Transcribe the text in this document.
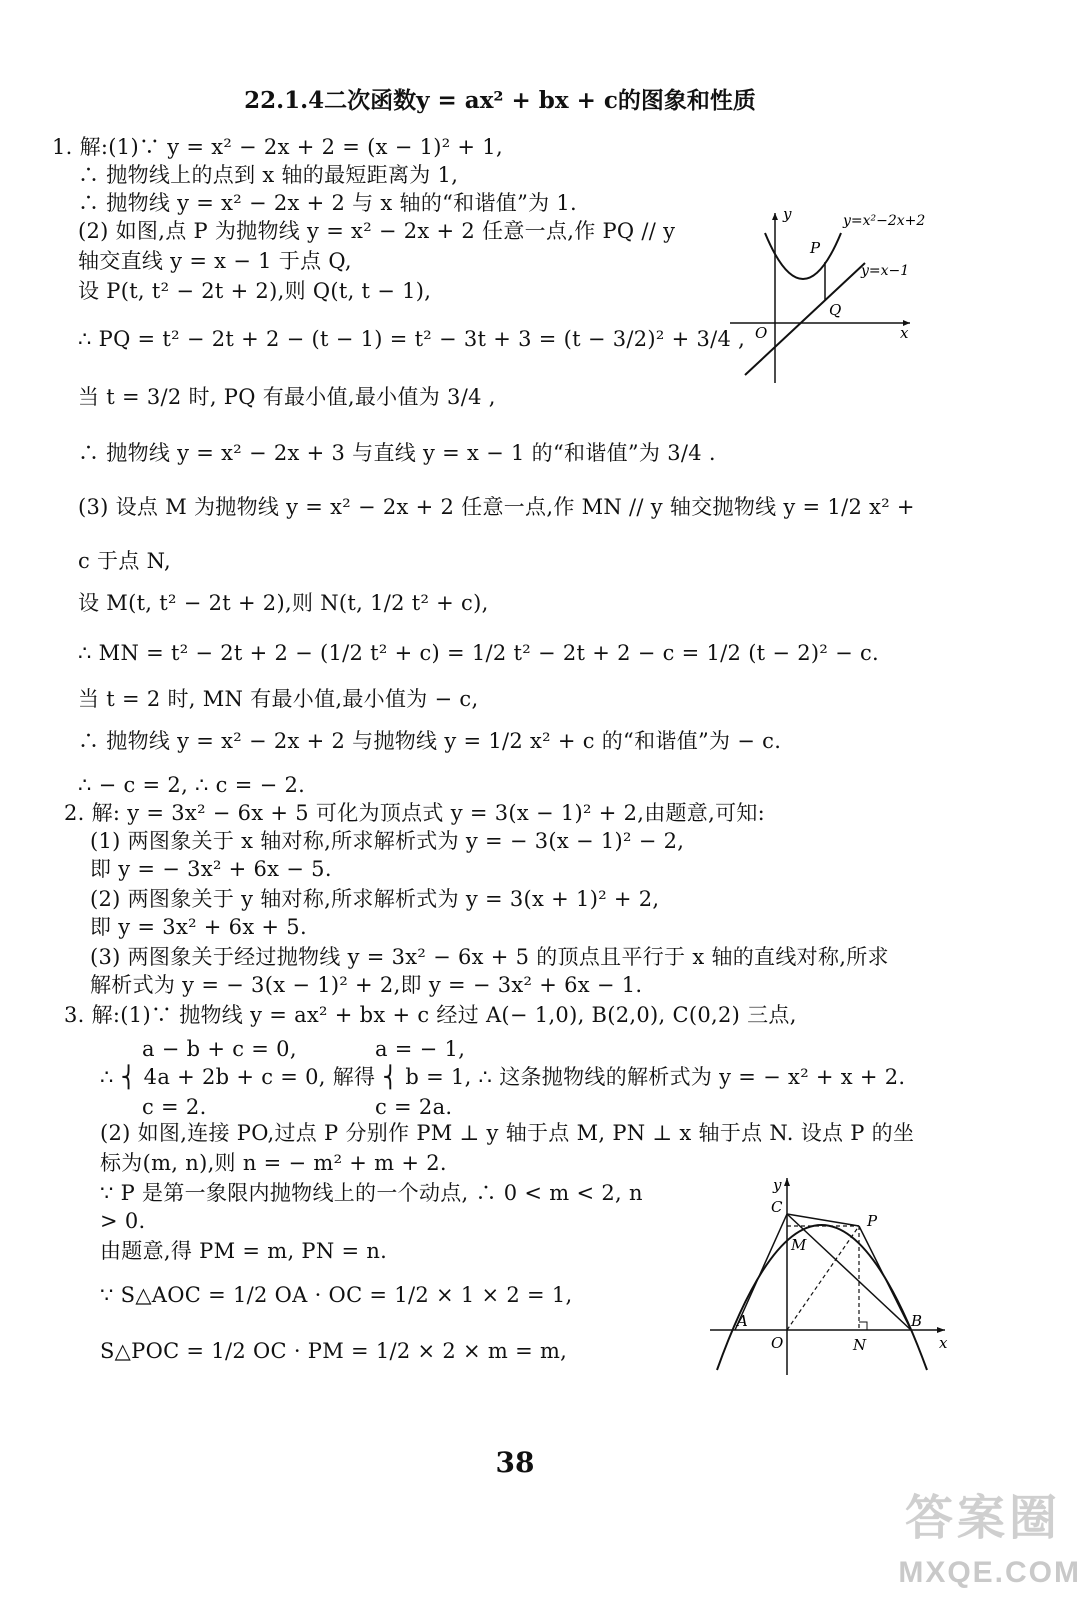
22.1.4二次函数y = ax² + bx + c的图象和性质
1. 解:(1)∵ y = x² − 2x + 2 = (x − 1)² + 1,
∴ 抛物线上的点到 x 轴的最短距离为 1,
∴ 抛物线 y = x² − 2x + 2 与 x 轴的“和谐值”为 1.
(2) 如图,点 P 为抛物线 y = x² − 2x + 2 任意一点,作 PQ // y
轴交直线 y = x − 1 于点 Q,
设 P(t, t² − 2t + 2),则 Q(t, t − 1),
∴ PQ = t² − 2t + 2 − (t − 1) = t² − 3t + 3 = (t − 3/2)² + 3/4 ,
当 t = 3/2 时, PQ 有最小值,最小值为 3/4 ,
∴ 抛物线 y = x² − 2x + 3 与直线 y = x − 1 的“和谐值”为 3/4 .
(3) 设点 M 为抛物线 y = x² − 2x + 2 任意一点,作 MN // y 轴交抛物线 y = 1/2 x² +
c 于点 N,
设 M(t, t² − 2t + 2),则 N(t, 1/2 t² + c),
∴ MN = t² − 2t + 2 − (1/2 t² + c) = 1/2 t² − 2t + 2 − c = 1/2 (t − 2)² − c.
当 t = 2 时, MN 有最小值,最小值为 − c,
∴ 抛物线 y = x² − 2x + 2 与抛物线 y = 1/2 x² + c 的“和谐值”为 − c.
∴ − c = 2, ∴ c = − 2.
2. 解: y = 3x² − 6x + 5 可化为顶点式 y = 3(x − 1)² + 2,由题意,可知:
(1) 两图象关于 x 轴对称,所求解析式为 y = − 3(x − 1)² − 2,
即 y = − 3x² + 6x − 5.
(2) 两图象关于 y 轴对称,所求解析式为 y = 3(x + 1)² + 2,
即 y = 3x² + 6x + 5.
(3) 两图象关于经过抛物线 y = 3x² − 6x + 5 的顶点且平行于 x 轴的直线对称,所求
解析式为 y = − 3(x − 1)² + 2,即 y = − 3x² + 6x − 1.
3. 解:(1)∵ 抛物线 y = ax² + bx + c 经过 A(− 1,0), B(2,0), C(0,2) 三点,
a − b + c = 0,
∴ ⎨ 4a + 2b + c = 0, 解得 ⎨ b = 1, ∴ 这条抛物线的解析式为 y = − x² + x + 2.
c = 2.
a = − 1,
c = 2a.
(2) 如图,连接 PO,过点 P 分别作 PM ⊥ y 轴于点 M, PN ⊥ x 轴于点 N. 设点 P 的坐
标为(m, n),则 n = − m² + m + 2.
∵ P 是第一象限内抛物线上的一个动点, ∴ 0 < m < 2, n
> 0.
由题意,得 PM = m, PN = n.
∵ S△AOC = 1/2 OA · OC = 1/2 × 1 × 2 = 1,
S△POC = 1/2 OC · PM = 1/2 × 2 × m = m,
y
x
O
P
Q
y=x²−2x+2
y=x−1
y
x
O
A	B
C
P
M
N
38
答案圈
MXQE.COM
